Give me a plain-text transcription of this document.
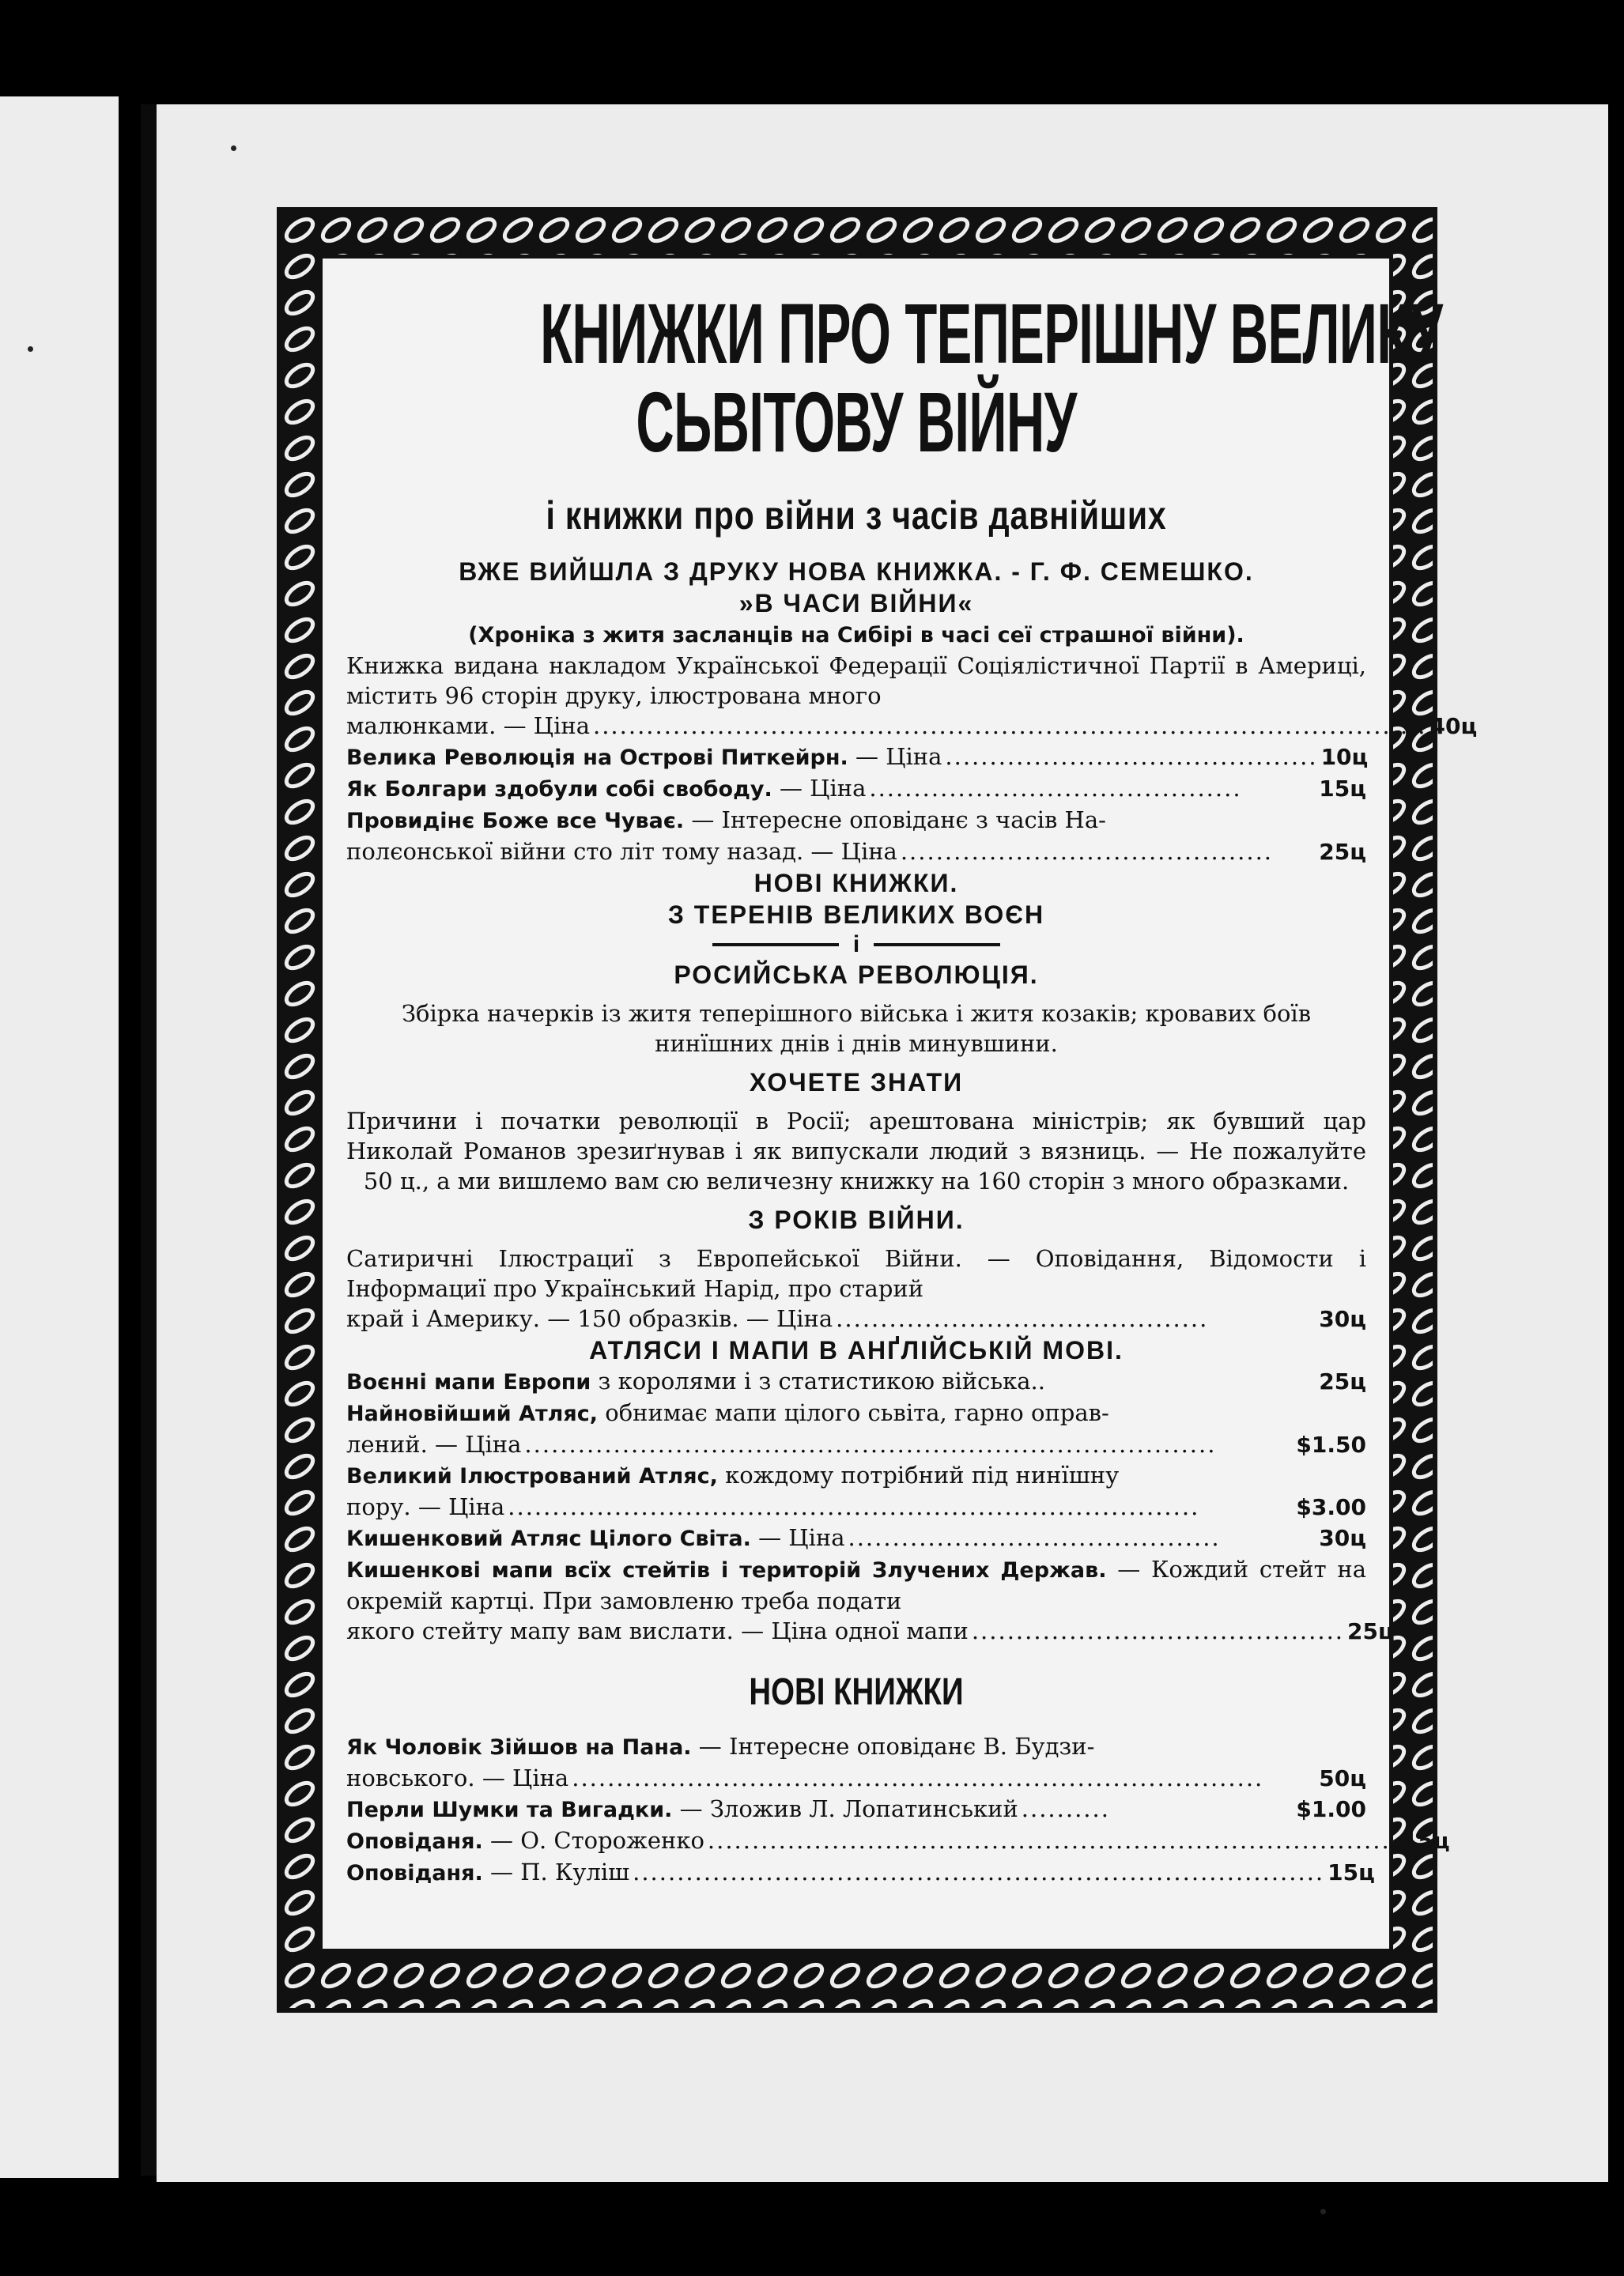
КНИЖКИ ПРО ТЕПЕРІШНУ ВЕЛИКУ
СЬВІТОВУ ВІЙНУ
і книжки про війни з часів давнійших
ВЖЕ ВИЙШЛА З ДРУКУ НОВА КНИЖКА. - Г. Ф. СЕМЕШКО.
»В ЧАСИ ВІЙНИ«
(Хроніка з житя засланців на Сибірі в часі сеї страшної війни).
Книжка видана накладом Української Федерації Соціялістичної Партії в Америці, містить 96 сторін друку, ілюстрована много
малюнками. — Ціна .............................................................................................. 40ц
Велика Революція на Острові Питкейрн. — Ціна .......................................... 10ц
Як Болгари здобули собі свободу. — Ціна ..........................................	15ц
Провидінє Боже все Чуває. — Інтересне оповіданє з часів На-
полєонської війни сто літ тому назад. — Ціна ..........................................	25ц
НОВІ КНИЖКИ.
З ТЕРЕНІВ ВЕЛИКИХ ВОЄН
і
РОСИЙСЬКА РЕВОЛЮЦІЯ.
Збірка начерків із житя теперішного війська і житя козаків; кровавих боїв нинїшних днів і днів минувшини.
ХОЧЕТЕ ЗНАТИ
Причини і початки революції в Росії; арештована міністрів; як бувший цар Николай Романов зрезиґнував і як випускали людий з вязниць. — Не пожалуйте 50 ц., а ми вишлемо вам сю величезну книжку на 160 сторін з много образками.
З РОКІВ ВІЙНИ.
Сатиричні Ілюстрациї з Европейської Війни. — Оповідання, Відомости і Інформациї про Український Нарід, про старий
край і Америку. — 150 образків. — Ціна ..........................................	30ц
АТЛЯСИ І МАПИ В АНҐЛІЙСЬКІЙ МОВІ.
Воєнні мапи Европи з королями і з статистикою війська..	25ц
Найновійший Атляс, обнимає мапи цілого сьвіта, гарно оправ-
лений. — Ціна ..............................................................................	$1.50
Великий Ілюстрований Атляс, кождому потрібний під нинїшну
пору. — Ціна ..............................................................................	$3.00
Кишенковий Атляс Цілого Світа. — Ціна ..........................................	30ц
Кишенкові мапи всїх стейтів і територій Злучених Держав. — Кождий стейт на окремій картці. При замовленю треба подати
якого стейту мапу вам вислати. — Ціна одної мапи .......................................... 25ц
НОВІ КНИЖКИ
Як Чоловік Зійшов на Пана. — Інтересне оповіданє В. Будзи-
новського. — Ціна ..............................................................................	50ц
Перли Шумки та Вигадки. — Зложив Л. Лопатинський ..........	$1.00
Оповіданя. — О. Стороженко .............................................................................. 15ц
Оповіданя. — П. Куліш .............................................................................. 15ц
